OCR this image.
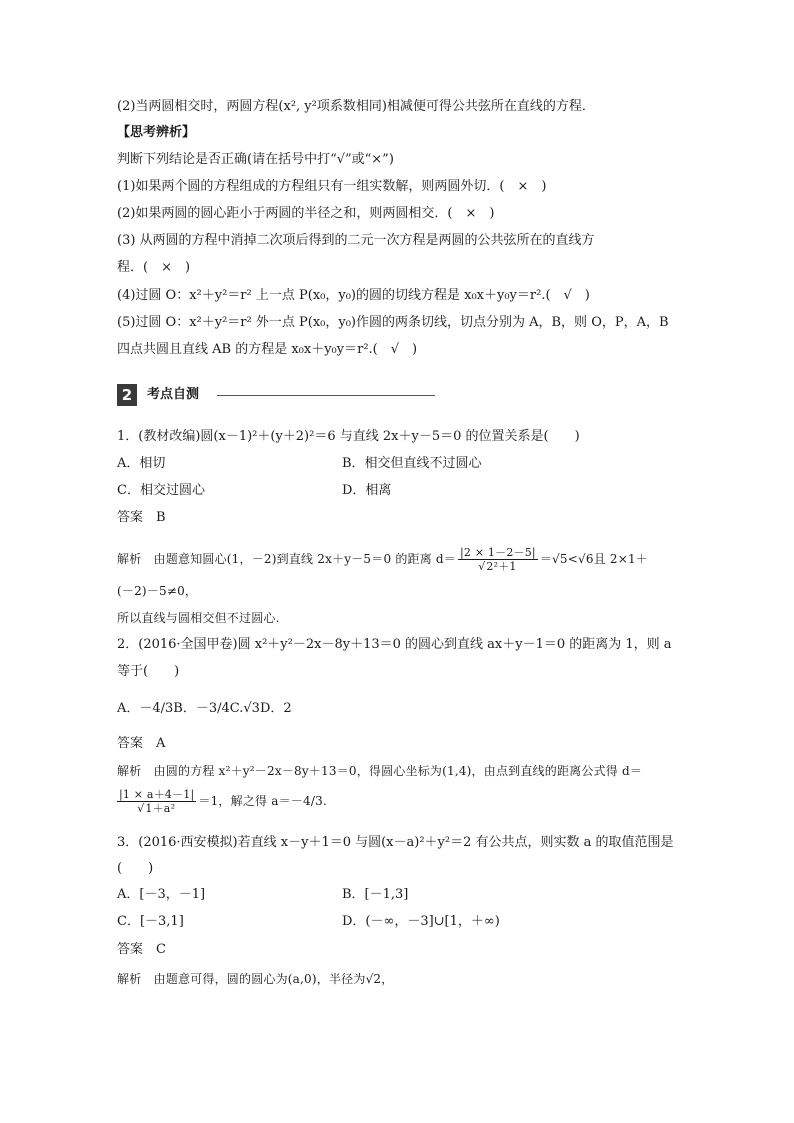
(2)当两圆相交时，两圆方程(x², y²项系数相同)相减便可得公共弦所在直线的方程．
【思考辨析】
判断下列结论是否正确(请在括号中打“√”或“×”)
(1)如果两个圆的方程组成的方程组只有一组实数解，则两圆外切．(　×　)
(2)如果两圆的圆心距小于两圆的半径之和，则两圆相交．(　×　)
(3) 从两圆的方程中消掉二次项后得到的二元一次方程是两圆的公共弦所在的直线方
程．(　×　)
(4)过圆 O：x²＋y²＝r² 上一点 P(x₀，y₀)的圆的切线方程是 x₀x＋y₀y＝r².(　√　)
(5)过圆 O：x²＋y²＝r² 外一点 P(x₀，y₀)作圆的两条切线，切点分别为 A，B，则 O，P，A，B
四点共圆且直线 AB 的方程是 x₀x＋y₀y＝r².(　√　)
2	考点自测
1．(教材改编)圆(x－1)²＋(y＋2)²＝6 与直线 2x＋y－5＝0 的位置关系是(　　)
A．相切	B．相交但直线不过圆心
C．相交过圆心	D．相离
答案　B
解析　由题意知圆心(1，－2)到直线 2x＋y－5＝0 的距离 $d= \frac{|2 \times 1-2-5|}{\text{√2²＋1}} =√5<√6$且 2×1＋
(－2)－5≠0，
所以直线与圆相交但不过圆心.
2．(2016·全国甲卷)圆 x²＋y²－2x－8y＋13＝0 的圆心到直线 ax＋y－1＝0 的距离为 1，则 a
等于(　　)
A．－4/3B．－3/4C.√3D．2
答案　A
解析　由圆的方程 x²＋y²－2x－8y＋13＝0，得圆心坐标为(1,4)，由点到直线的距离公式得 d＝
$\frac{|1 \times a+4-1|}{\text{√1＋a²}} =1$，解之得 a＝－4/3.
3．(2016·西安模拟)若直线 x－y＋1＝0 与圆(x－a)²＋y²＝2 有公共点，则实数 a 的取值范围是
(　　)
A．[－3，－1]	B．[－1,3]
C．[－3,1]	D．(－∞，－3]∪[1，＋∞)
答案　C
解析　由题意可得，圆的圆心为(a,0)，半径为√2，
